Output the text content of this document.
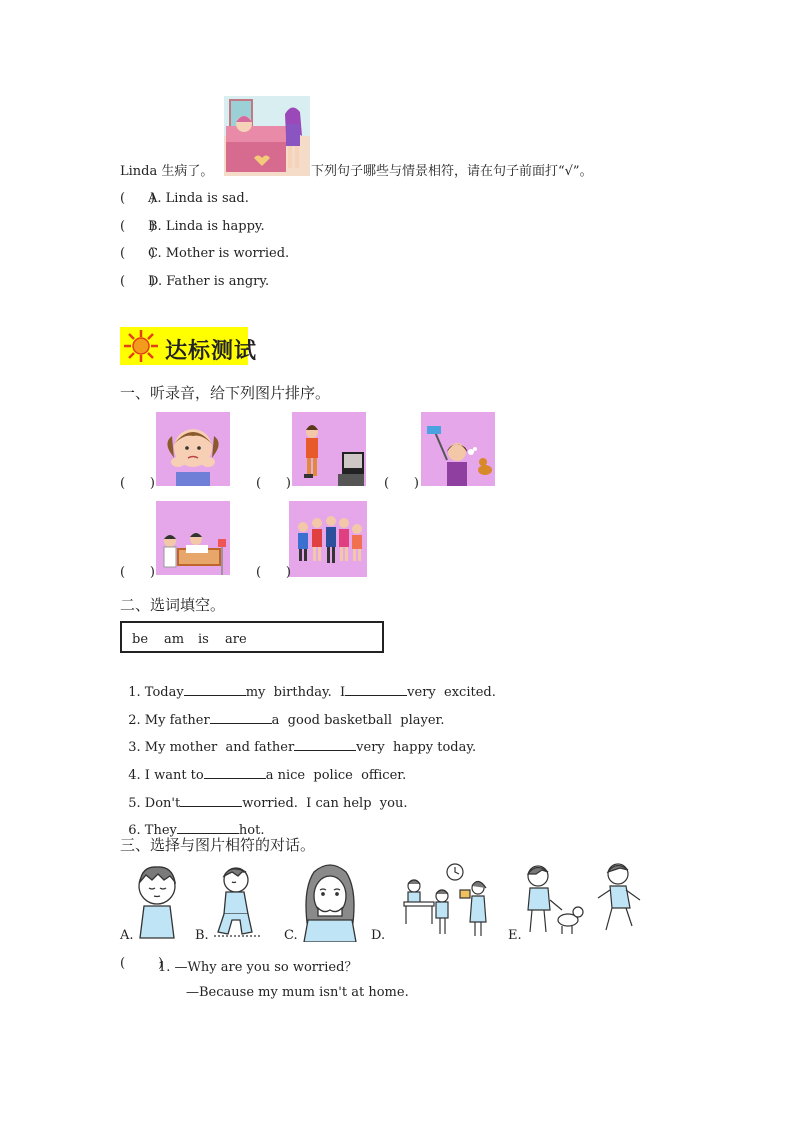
Linda 生病了。	下列句子哪些与情景相符，请在句子前面打“√”。
(      )
A. Linda is sad.
(      )
B. Linda is happy.
(      )
C. Mother is worried.
(      )
D. Father is angry.
达标测试
一、听录音，给下列图片排序。
(      )	(      )	(      )
(      )	(      )
二、选词填空。
be am is are

1. Today	my  birthday.  I	very  excited.

2. My father	a  good basketball  player.

3. My mother  and father	very  happy today.

4. I want to	a nice  police  officer.

5. Don't	worried.  I can help  you.

6. They	hot.

三、选择与图片相符的对话。
A.	B.	C.	D.	E.
(        )
1. —Why are you so worried？
—Because my mum isn't at home.
